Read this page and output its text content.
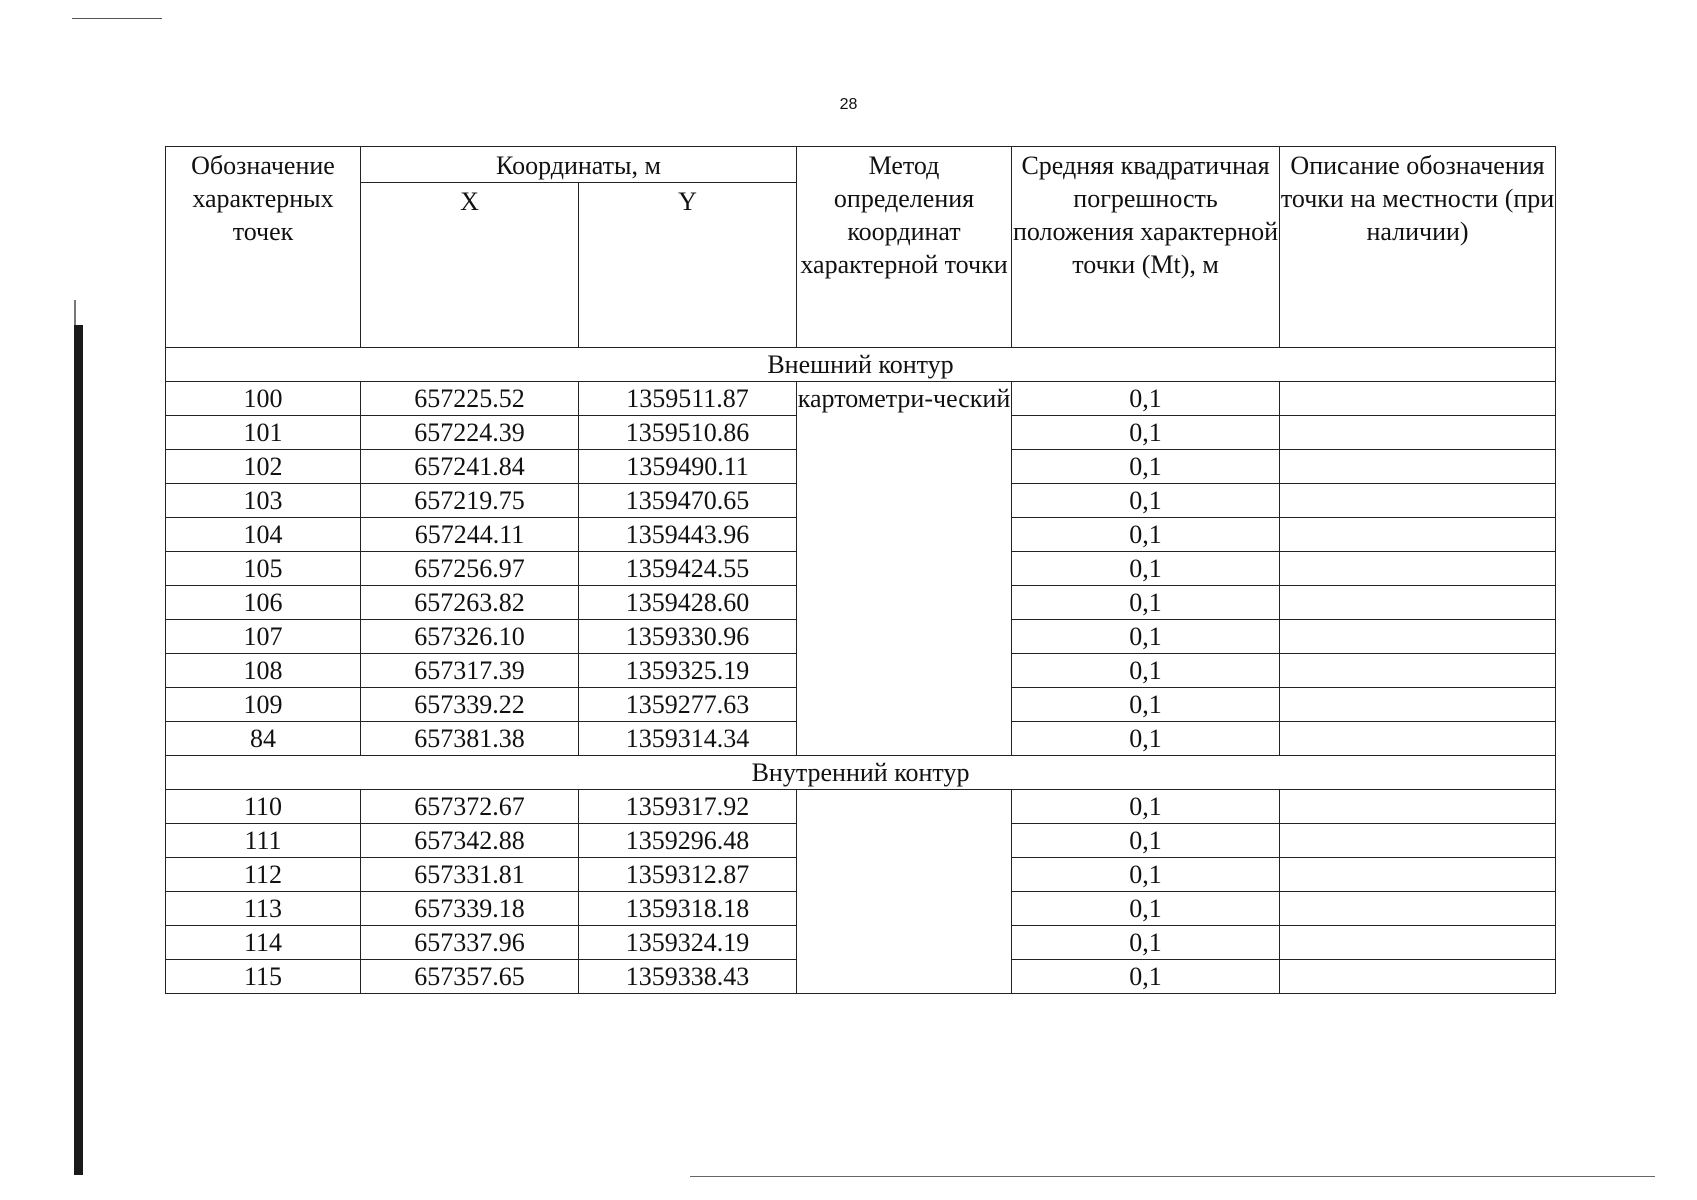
28
Обозначение характерных точек	Координаты, м		Метод определения координат характерной точки	Средняя квадратичная погрешность положения характерной точки (Mt), м	Описание обозначения точки на местности (при наличии)
	X	Y			
Внешний контур					
100	657225.52	1359511.87	картометри-ческий	0,1	
101	657224.39	1359510.86		0,1	
102	657241.84	1359490.11		0,1	
103	657219.75	1359470.65		0,1	
104	657244.11	1359443.96		0,1	
105	657256.97	1359424.55		0,1	
106	657263.82	1359428.60		0,1	
107	657326.10	1359330.96		0,1	
108	657317.39	1359325.19		0,1	
109	657339.22	1359277.63		0,1	
84	657381.38	1359314.34		0,1	
Внутренний контур					
110	657372.67	1359317.92		0,1	
111	657342.88	1359296.48		0,1	
112	657331.81	1359312.87		0,1	
113	657339.18	1359318.18		0,1	
114	657337.96	1359324.19		0,1	
115	657357.65	1359338.43		0,1	
